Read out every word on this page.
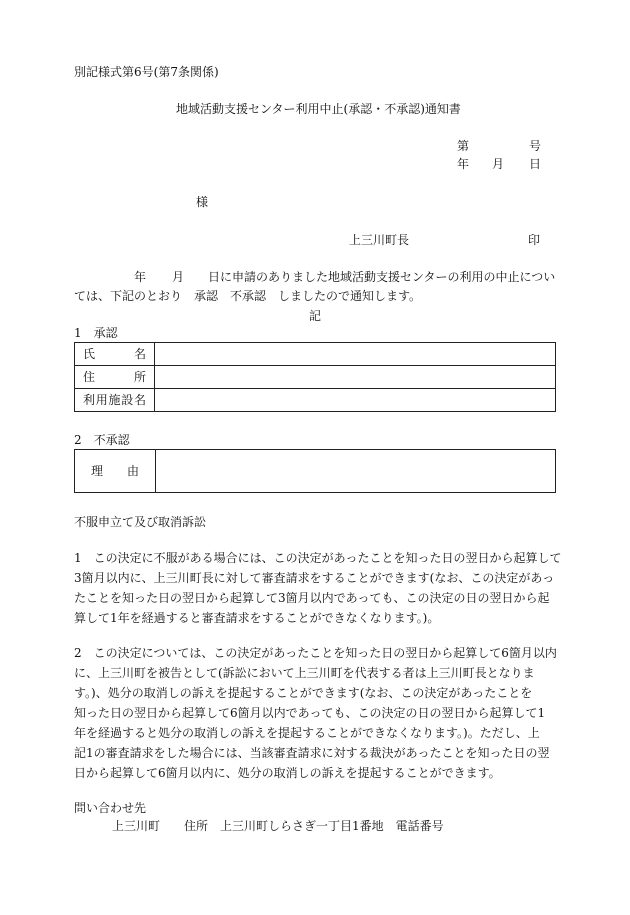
別記様式第6号(第7条関係)
地域活動支援センター利用中止(承認・不承認)通知書
第	号
年 月 日
様
上三川町長	印
年 月 日に申請のありました地域活動支援センターの利用の中止につい
ては、下記のとおり　承認　不承認　しましたので通知します。
記
1　承認
氏名	

住所	

利用施設名	

2　不承認
理　　由	
不服申立て及び取消訴訟
1　この決定に不服がある場合には、この決定があったことを知った日の翌日から起算して
3箇月以内に、上三川町長に対して審査請求をすることができます(なお、この決定があっ
たことを知った日の翌日から起算して3箇月以内であっても、この決定の日の翌日から起
算して1年を経過すると審査請求をすることができなくなります。)。
2　この決定については、この決定があったことを知った日の翌日から起算して6箇月以内
に、上三川町を被告として(訴訟において上三川町を代表する者は上三川町長となりま
す。)、処分の取消しの訴えを提起することができます(なお、この決定があったことを
知った日の翌日から起算して6箇月以内であっても、この決定の日の翌日から起算して1
年を経過すると処分の取消しの訴えを提起することができなくなります。)。ただし、上
記1の審査請求をした場合には、当該審査請求に対する裁決があったことを知った日の翌
日から起算して6箇月以内に、処分の取消しの訴えを提起することができます。
問い合わせ先
上三川町　　住所　上三川町しらさぎ一丁目1番地　電話番号
